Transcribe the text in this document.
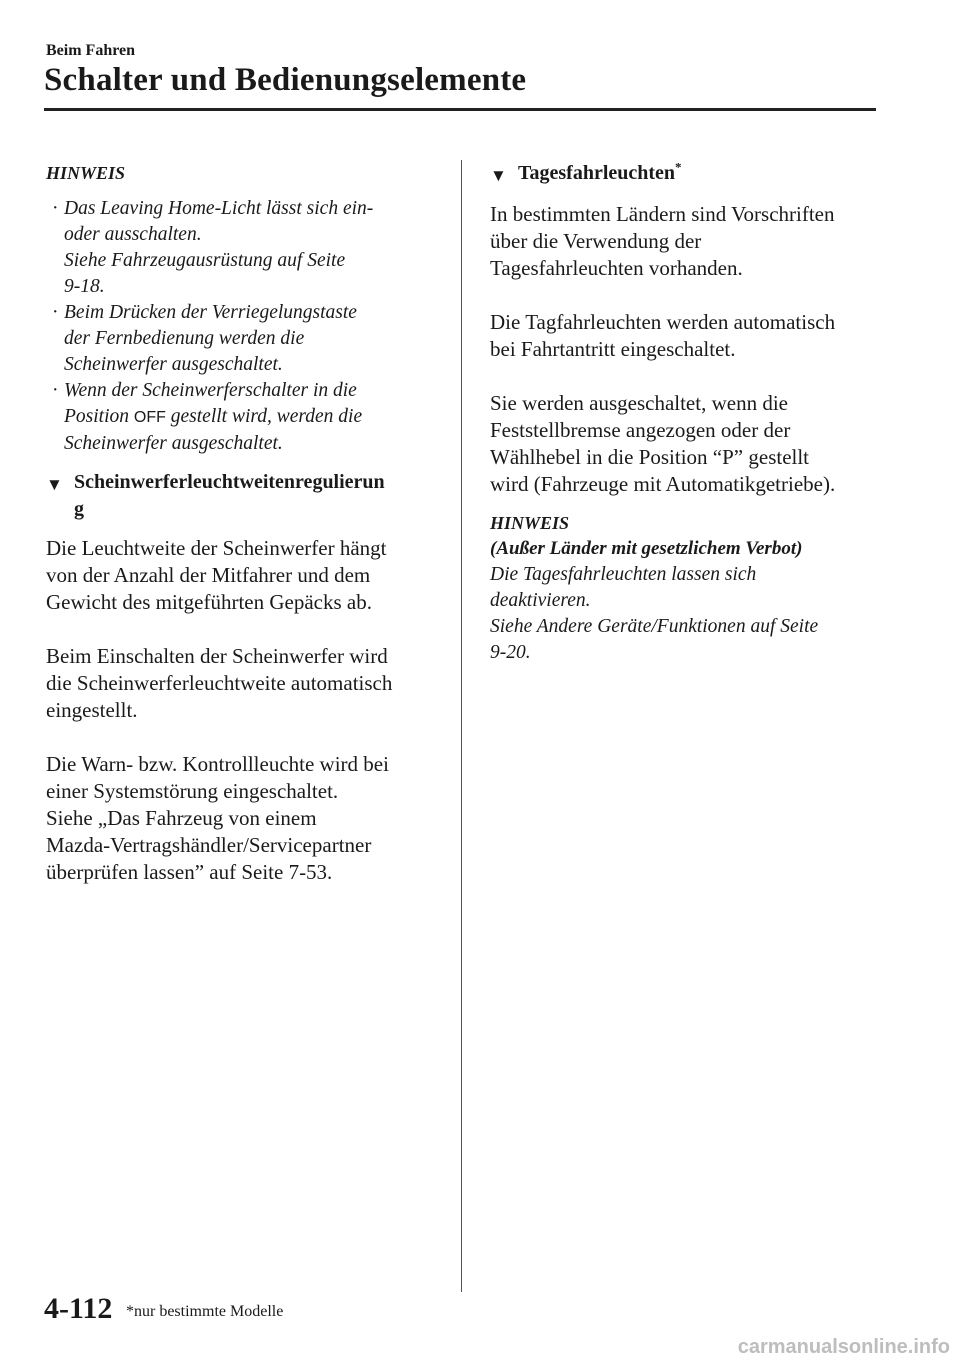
Beim Fahren
Schalter und Bedienungselemente

HINWEIS

· Das Leaving Home-Licht lässt sich ein-
oder ausschalten.
Siehe Fahrzeugausrüstung auf Seite
9-18.

· Beim Drücken der Verriegelungstaste
der Fernbedienung werden die
Scheinwerfer ausgeschaltet.

· Wenn der Scheinwerferschalter in die
Position OFF gestellt wird, werden die
Scheinwerfer ausgeschaltet.

▼ Scheinwerferleuchtweitenregulierun
g

Die Leuchtweite der Scheinwerfer hängt
von der Anzahl der Mitfahrer und dem
Gewicht des mitgeführten Gepäcks ab.

Beim Einschalten der Scheinwerfer wird
die Scheinwerferleuchtweite automatisch
eingestellt.

Die Warn- bzw. Kontrollleuchte wird bei
einer Systemstörung eingeschaltet.
Siehe „Das Fahrzeug von einem
Mazda-Vertragshändler/Servicepartner
überprüfen lassen” auf Seite 7-53.

▼ Tagesfahrleuchten*

In bestimmten Ländern sind Vorschriften
über die Verwendung der
Tagesfahrleuchten vorhanden.

Die Tagfahrleuchten werden automatisch
bei Fahrtantritt eingeschaltet.

Sie werden ausgeschaltet, wenn die
Feststellbremse angezogen oder der
Wählhebel in die Position “P” gestellt
wird (Fahrzeuge mit Automatikgetriebe).

HINWEIS

(Außer Länder mit gesetzlichem Verbot)

Die Tagesfahrleuchten lassen sich
deaktivieren.
Siehe Andere Geräte/Funktionen auf Seite
9-20.

4-112 *nur bestimmte Modelle
carmanualsonline.info
